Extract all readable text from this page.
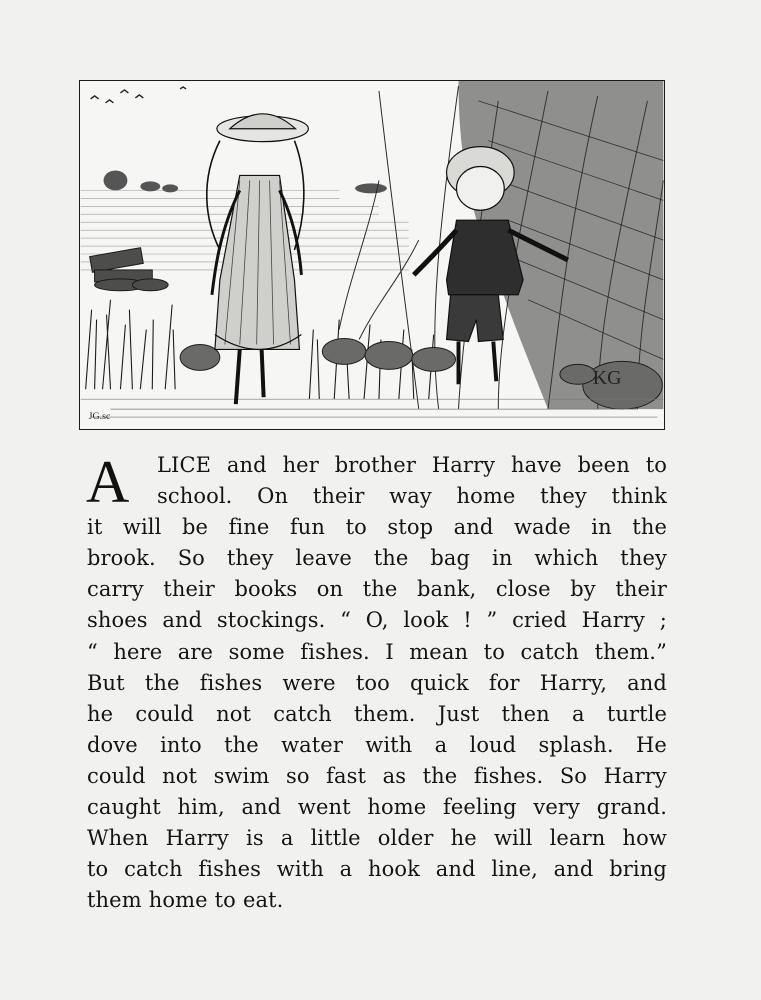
KG
JG.sc
A LICE and her brother Harry have been to
school. On their way home they think
it will be fine fun to stop and wade in the
brook. So they leave the bag in which they
carry their books on the bank, close by their
shoes and stockings. “ O, look ! ” cried Harry ;
“ here are some fishes. I mean to catch them.”
But the fishes were too quick for Harry, and
he could not catch them. Just then a turtle
dove into the water with a loud splash. He
could not swim so fast as the fishes. So Harry
caught him, and went home feeling very grand.
When Harry is a little older he will learn how
to catch fishes with a hook and line, and bring
them home to eat.
